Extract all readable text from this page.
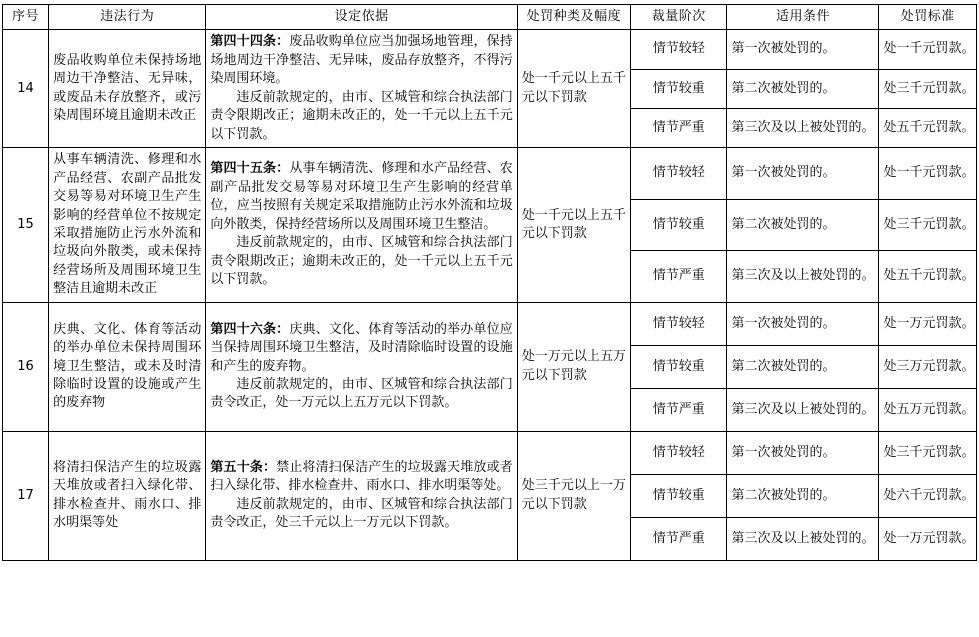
序号	违法行为	设定依据	处罚种类及幅度	裁量阶次	适用条件	处罚标准
14	废品收购单位未保持场地周边干净整洁、无异味，或废品未存放整齐，或污染周围环境且逾期未改正	第四十四条：废品收购单位应当加强场地管理，保持场地周边干净整洁、无异味，废品存放整齐，不得污染周围环境。

违反前款规定的，由市、区城管和综合执法部门责令限期改正；逾期未改正的，处一千元以上五千元以下罚款。	处一千元以上五千元以下罚款	情节较轻	第一次被处罚的。	处一千元罚款。
				情节较重	第二次被处罚的。	处三千元罚款。
				情节严重	第三次及以上被处罚的。	处五千元罚款。
15	从事车辆清洗、修理和水产品经营、农副产品批发交易等易对环境卫生产生影响的经营单位不按规定采取措施防止污水外流和垃圾向外散类，或未保持经营场所及周围环境卫生整洁且逾期未改正	第四十五条：从事车辆清洗、修理和水产品经营、农副产品批发交易等易对环境卫生产生影响的经营单位，应当按照有关规定采取措施防止污水外流和垃圾向外散类，保持经营场所以及周围环境卫生整洁。

违反前款规定的，由市、区城管和综合执法部门责令限期改正；逾期未改正的，处一千元以上五千元以下罚款。	处一千元以上五千元以下罚款	情节较轻	第一次被处罚的。	处一千元罚款。
				情节较重	第二次被处罚的。	处三千元罚款。
				情节严重	第三次及以上被处罚的。	处五千元罚款。
16	庆典、文化、体育等活动的举办单位未保持周围环境卫生整洁，或未及时清除临时设置的设施或产生的废弃物	第四十六条：庆典、文化、体育等活动的举办单位应当保持周围环境卫生整洁，及时清除临时设置的设施和产生的废弃物。

违反前款规定的，由市、区城管和综合执法部门责令改正，处一万元以上五万元以下罚款。	处一万元以上五万元以下罚款	情节较轻	第一次被处罚的。	处一万元罚款。
				情节较重	第二次被处罚的。	处三万元罚款。
				情节严重	第三次及以上被处罚的。	处五万元罚款。
17	将清扫保洁产生的垃圾露天堆放或者扫入绿化带、排水检查井、雨水口、排水明渠等处	第五十条：禁止将清扫保洁产生的垃圾露天堆放或者扫入绿化带、排水检查井、雨水口、排水明渠等处。

违反前款规定的，由市、区城管和综合执法部门责令改正，处三千元以上一万元以下罚款。	处三千元以上一万元以下罚款	情节较轻	第一次被处罚的。	处三千元罚款。
				情节较重	第二次被处罚的。	处六千元罚款。
				情节严重	第三次及以上被处罚的。	处一万元罚款。
